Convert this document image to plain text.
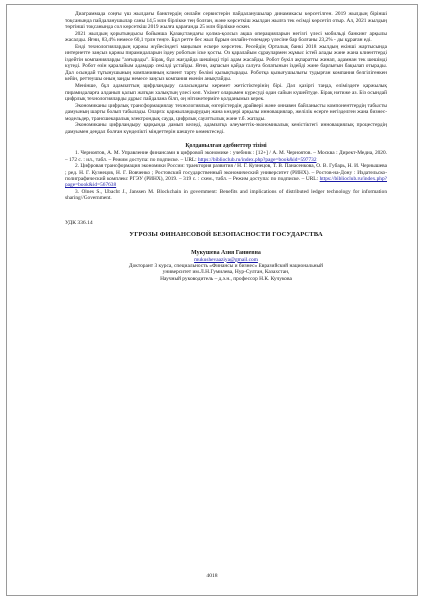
Диаграммада соңғы үш жылдағы банктердің онлайн сервистерін пайдаланушылар динамикасы көрсетілген. 2019 жылдың бірінші тоқсанында пайдаланушылар саны 14,5 млн бірлікке тең болған, және көрсеткіш жылдан жылға тек өсімді көрсетіп отыр. Ал, 2021 жылдың төртінші тоқсанында сол көрсеткіш 2019 жылға қарағанда 25 млн бірлікке өскен.

2021 жылдың қорытындысы бойынша Қазақстандағы қолма-қолсыз ақша операцияларын негізгі үлесі мобильді банкинг арқылы жасалды. Яғни, 83,4% немесе 60,1 трлн теңге. Бұл ретте бес жыл бұрын онлайн-төлемдер үлесіне бар болғаны 23,2% - ды құраған еді.

Енді технологиялардың қаржы жүйесіндегі маңызын ескере көрсетек. Ресейдің Орталық банкі 2018 жылдың екінші жартысында интернетте заңсыз қаржы пирамидаларын іздеу роботын іске қосты. Оз қаралайым сұраулармен жұмыс істей алады және жана клиенттерді іздейтін компанияларды "азғырады". Бірақ, бұл жағдайда шешімді тірі адам жасайды. Робот бүкіл ақпаратты жинап, адамнан тек шешімді күтеді. Робот өзін қаралайым адамдар секілді ұстайды. Яғни, ақпасын қайда салуға болатынын іздейді және барлығын бақылап отырады. Дал осындай тұтынушының компанияның клиент тарту бөлімі қызықтырады. Роботқа қызығушылығы тудырған компания белгілігенкен кейін, реттеушы оның заңды немесе заңсыз компания екенін анықтайды.

Менінше, бұл адамзаттың цифрландыру саласындағы керемет жетістіктерінің бірі. Дәл қазіргі таңда, еліміздеге қаржылық пирамидаларға алданып қалып жатқан халықтың үлесі көп. Үкімет оларымен күресуді одан сайын күшейтуде. Бірақ нәтиже аз. Біз осындай цифрлық технологияларды дұрыс пайдалана білп, оң нітижетерміге қолданымыз керек.

Экономиканы цифрлық трансформациялау технологиялық өзгерістердің драйвері және оннавен байланысты компоненттердің табысты дамуының шарты болып табылады. Оларға: қаржыландырудың жана көздері арқылы инновациялар, желілік өсерге негізделген жана бизнес-модельдер, трансшекаралық электрондық сауда, цифрлық сауаттылық және т.б. жатады.

Экономиканы цифрландыру қарқында дамып келеді, адамзатқа әлеуметтік-экономикалық кеністіктегі инновациялық процестердің дамуымен деңдал болған күнделікті міндеттерін шешуге көмектеседі.

Қолданылған әдебиеттер тізімі

1. Черноятов, А. М. Управление финансами в цифровой экономике : учебник : [12+] / А. М. Черноятов. – Москва : Директ-Медиа, 2020. – 172 с. : ил., табл. – Режим доступа: по подписке. – URL: https://biblioclub.ru/index.php?page=book&id=597732

2. Цифровая трансформация экономики России: траектория развития / Н. Г. Кузнецов, Т. В. Панасенкова, О. В. Губарь, Н. И. Чернышева ; ред. Н. Г. Кузнецов, Н. Г. Вовченко ; Ростовский государственный экономический университет (РИНХ). – Ростов-на-Дону : Издательско-полиграфический комплекс РГЭУ (РИНХ), 2019. – 319 с. : схем., табл. – Режим доступа: по подписке. – URL: https://biblioclub.ru/index.php?page=book&id=567638

3. Olnes S., Ubacht J., Janssen M. Blockchain in government: Benefits and implications of distributed ledger technology for information sharing//Government.

УДК 336.14
УГРОЗЫ ФИНАНСОВОЙ БЕЗОПАСНОСТИ ГОСУДАРСТВА
Мукушева Азия Ганиевна
mukushevaaziya@gmail.com
Докторант 3 курса, специальность «Финансы и бизнес» Евразийский национальный
университет им.Л.Н.Гумилева, Нур-Султан, Казахстан,
Научный руководитель – д.э.н., профессор Н.К. Кучукова
4018
